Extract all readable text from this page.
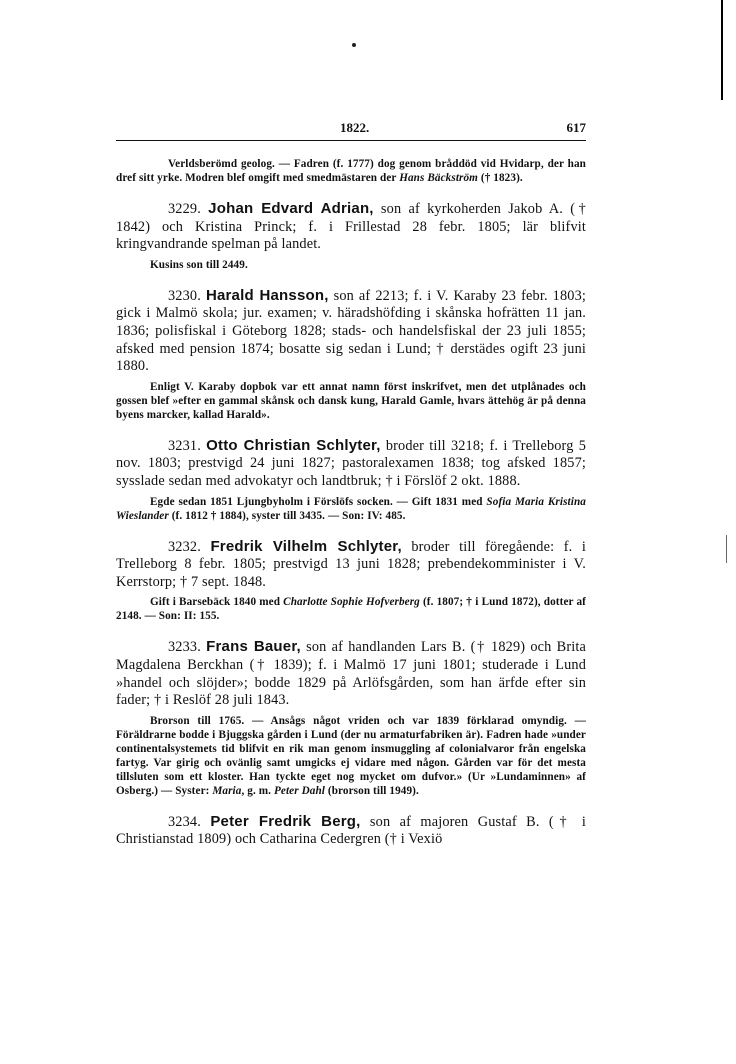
1822.	617

Verldsberömd geolog. — Fadren (f. 1777) dog genom bråddöd vid Hvidarp, der han dref sitt yrke. Modren blef omgift med smedmästaren der Hans Bäckström († 1823).

3229. Johan Edvard Adrian, son af kyrkoherden Jakob A. († 1842) och Kristina Princk; f. i Frillestad 28 febr. 1805; lär blifvit kringvandrande spelman på landet.

Kusins son till 2449.

3230. Harald Hansson, son af 2213; f. i V. Karaby 23 febr. 1803; gick i Malmö skola; jur. examen; v. häradshöfding i skånska hofrätten 11 jan. 1836; polisfiskal i Göteborg 1828; stads- och handelsfiskal der 23 juli 1855; afsked med pension 1874; bosatte sig sedan i Lund; † derstädes ogift 23 juni 1880.

Enligt V. Karaby dopbok var ett annat namn först inskrifvet, men det utplånades och gossen blef »efter en gammal skånsk och dansk kung, Harald Gamle, hvars ättehög är på denna byens marcker, kallad Harald».

3231. Otto Christian Schlyter, broder till 3218; f. i Trelleborg 5 nov. 1803; prestvigd 24 juni 1827; pastoralexamen 1838; tog afsked 1857; sysslade sedan med advokatyr och landtbruk; † i Förslöf 2 okt. 1888.

Egde sedan 1851 Ljungbyholm i Förslöfs socken. — Gift 1831 med Sofia Maria Kristina Wieslander (f. 1812 † 1884), syster till 3435. — Son: IV: 485.

3232. Fredrik Vilhelm Schlyter, broder till föregående: f. i Trelleborg 8 febr. 1805; prestvigd 13 juni 1828; prebendekomminister i V. Kerrstorp; † 7 sept. 1848.

Gift i Barsebäck 1840 med Charlotte Sophie Hofverberg (f. 1807; † i Lund 1872), dotter af 2148. — Son: II: 155.

3233. Frans Bauer, son af handlanden Lars B. († 1829) och Brita Magdalena Berckhan († 1839); f. i Malmö 17 juni 1801; studerade i Lund »handel och slöjder»; bodde 1829 på Arlöfsgården, som han ärfde efter sin fader; † i Reslöf 28 juli 1843.

Brorson till 1765. — Ansågs något vriden och var 1839 förklarad omyndig. — Föräldrarne bodde i Bjuggska gården i Lund (der nu armaturfabriken är). Fadren hade »under continentalsystemets tid blifvit en rik man genom insmuggling af colonialvaror från engelska fartyg. Var girig och ovänlig samt umgicks ej vidare med någon. Gården var för det mesta tillsluten som ett kloster. Han tyckte eget nog mycket om dufvor.» (Ur »Lundaminnen» af Osberg.) — Syster: Maria, g. m. Peter Dahl (brorson till 1949).

3234. Peter Fredrik Berg, son af majoren Gustaf B. († i Christianstad 1809) och Catharina Cedergren († i Vexiö
